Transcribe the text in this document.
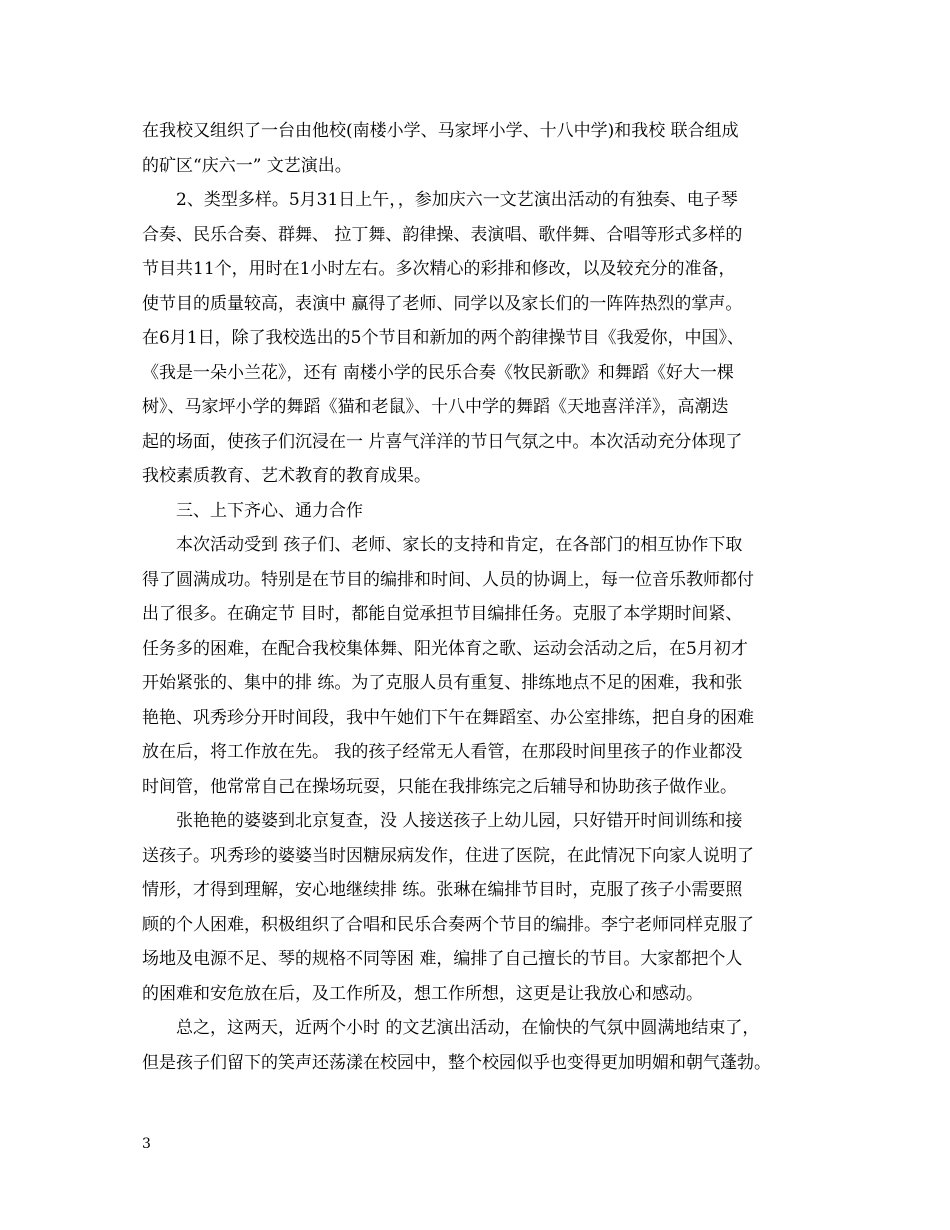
在我校又组织了一台由他校(南楼小学、马家坪小学、十八中学)和我校 联合组成
的矿区“庆六一” 文艺演出。
2、类型多样。5月31日上午，，参加庆六一文艺演出活动的有独奏、电子琴
合奏、民乐合奏、群舞、 拉丁舞、韵律操、表演唱、歌伴舞、合唱等形式多样的
节目共11个，用时在1小时左右。多次精心的彩排和修改，以及较充分的准备，
使节目的质量较高，表演中 赢得了老师、同学以及家长们的一阵阵热烈的掌声。
在6月1日，除了我校选出的5个节目和新加的两个韵律操节目《我爱你，中国》、
《我是一朵小兰花》，还有 南楼小学的民乐合奏《牧民新歌》和舞蹈《好大一棵
树》、马家坪小学的舞蹈《猫和老鼠》、十八中学的舞蹈《天地喜洋洋》，高潮迭
起的场面，使孩子们沉浸在一 片喜气洋洋的节日气氛之中。本次活动充分体现了
我校素质教育、艺术教育的教育成果。
三、上下齐心、通力合作
本次活动受到 孩子们、老师、家长的支持和肯定，在各部门的相互协作下取
得了圆满成功。特别是在节目的编排和时间、人员的协调上，每一位音乐教师都付
出了很多。在确定节 目时，都能自觉承担节目编排任务。克服了本学期时间紧、
任务多的困难，在配合我校集体舞、阳光体育之歌、运动会活动之后，在5月初才
开始紧张的、集中的排 练。为了克服人员有重复、排练地点不足的困难，我和张
艳艳、巩秀珍分开时间段，我中午她们下午在舞蹈室、办公室排练，把自身的困难
放在后，将工作放在先。 我的孩子经常无人看管，在那段时间里孩子的作业都没
时间管，他常常自己在操场玩耍，只能在我排练完之后辅导和协助孩子做作业。
张艳艳的婆婆到北京复查，没 人接送孩子上幼儿园，只好错开时间训练和接
送孩子。巩秀珍的婆婆当时因糖尿病发作，住进了医院，在此情况下向家人说明了
情形，才得到理解，安心地继续排 练。张琳在编排节目时，克服了孩子小需要照
顾的个人困难，积极组织了合唱和民乐合奏两个节目的编排。李宁老师同样克服了
场地及电源不足、琴的规格不同等困 难，编排了自己擅长的节目。大家都把个人
的困难和安危放在后，及工作所及，想工作所想，这更是让我放心和感动。
总之，这两天，近两个小时 的文艺演出活动，在愉快的气氛中圆满地结束了，
但是孩子们留下的笑声还荡漾在校园中，整个校园似乎也变得更加明媚和朝气蓬勃。
3
